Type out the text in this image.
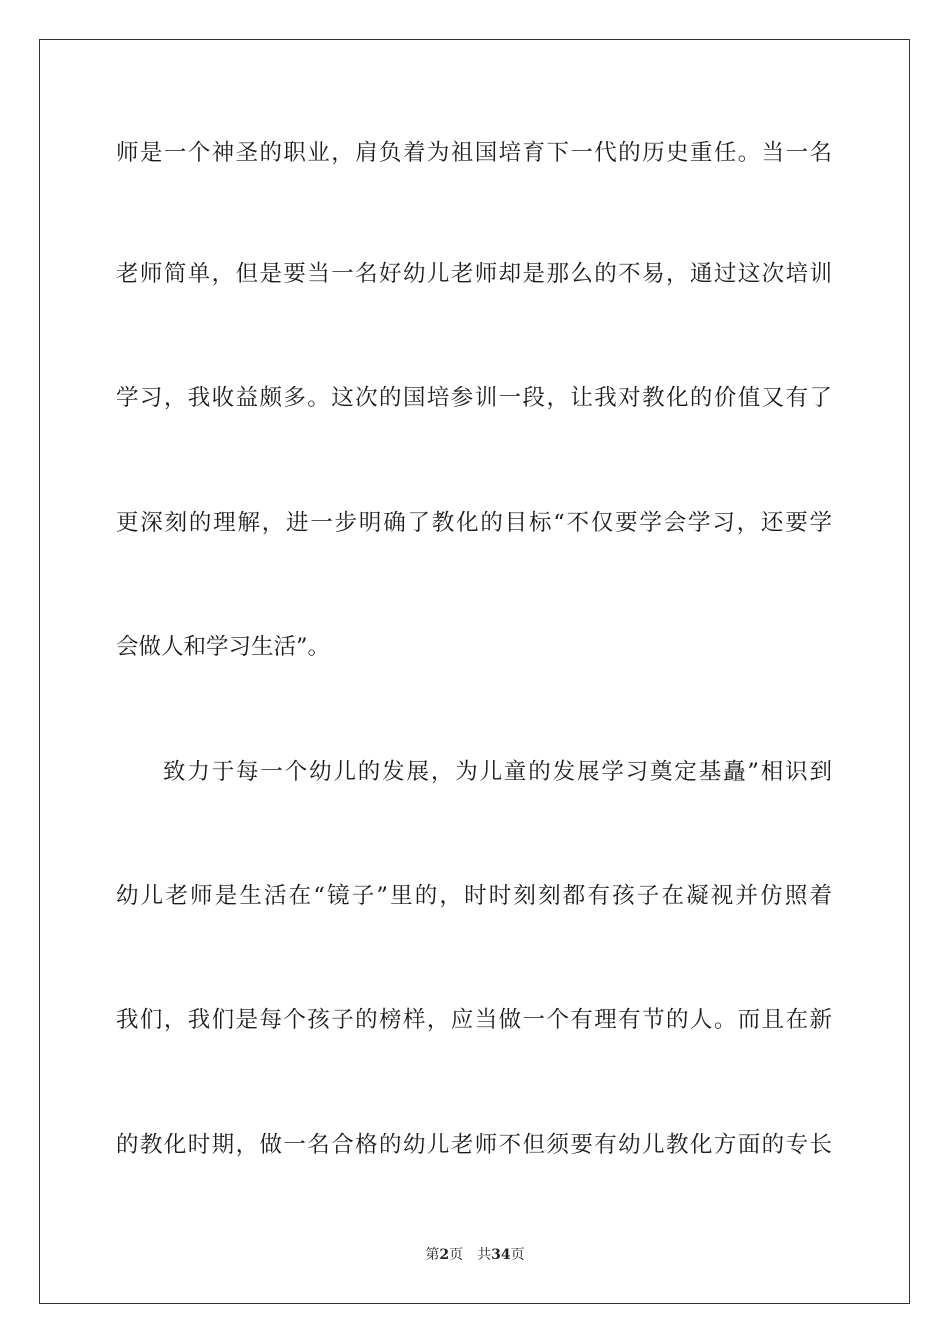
师是一个神圣的职业，肩负着为祖国培育下一代的历史重任。当一名
老师简单，但是要当一名好幼儿老师却是那么的不易，通过这次培训
学习，我收益颇多。这次的国培参训一段，让我对教化的价值又有了
更深刻的理解，进一步明确了教化的目标“不仅要学会学习，还要学
会做人和学习生活”。
致力于每一个幼儿的发展，为儿童的发展学习奠定基矗”相识到
幼儿老师是生活在“镜子”里的，时时刻刻都有孩子在凝视并仿照着
我们，我们是每个孩子的榜样，应当做一个有理有节的人。而且在新
的教化时期，做一名合格的幼儿老师不但须要有幼儿教化方面的专长
第2页 共34页
